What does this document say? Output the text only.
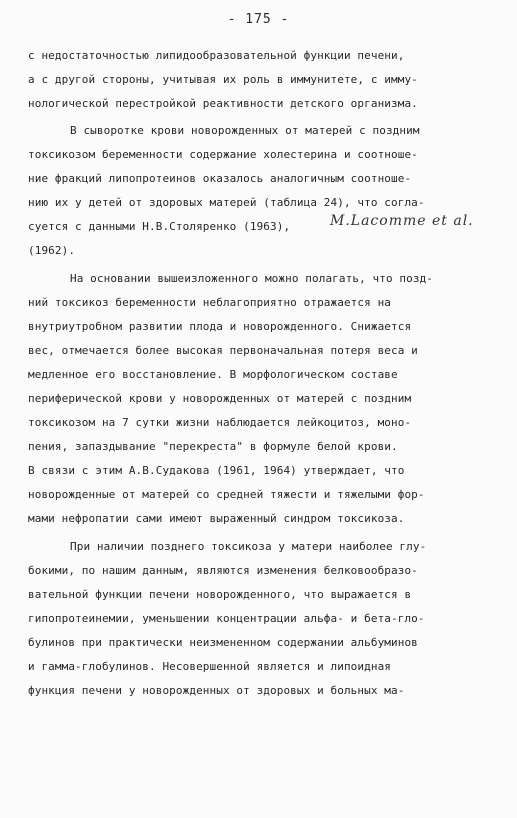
- 175 -
с недостаточностью липидообразовательной функции печени,
а с другой стороны, учитывая их роль в иммунитете, с имму-
нологической перестройкой реактивности детского организма.
В сыворотке крови новорожденных от матерей с поздним
токсикозом беременности содержание холестерина и соотноше-
ние фракций липопротеинов оказалось аналогичным соотноше-
нию их у детей от здоровых матерей (таблица 24), что согла-
суется с данными Н.В.Столяренко (1963),	M.Lacomme et al.
(1962).
На основании вышеизложенного можно полагать, что позд-
ний токсикоз беременности неблагоприятно отражается на
внутриутробном развитии плода и новорожденного. Снижается
вес, отмечается более высокая первоначальная потеря веса и
медленное его восстановление. В морфологическом составе
периферической крови у новорожденных от матерей с поздним
токсикозом на 7 сутки жизни наблюдается лейкоцитоз, моно-
пения, запаздывание "перекреста" в формуле белой крови.
В связи с этим А.В.Судакова (1961, 1964) утверждает, что
новорожденные от матерей со средней тяжести и тяжелыми фор-
мами нефропатии сами имеют выраженный синдром токсикоза.
При наличии позднего токсикоза у матери наиболее глу-
бокими, по нашим данным, являются изменения белковообразо-
вательной функции печени новорожденного, что выражается в
гипопротеинемии, уменьшении концентрации альфа- и бета-гло-
булинов при практически неизмененном содержании альбуминов
и гамма-глобулинов. Несовершенной является и липоидная
функция печени у новорожденных от здоровых и больных ма-
